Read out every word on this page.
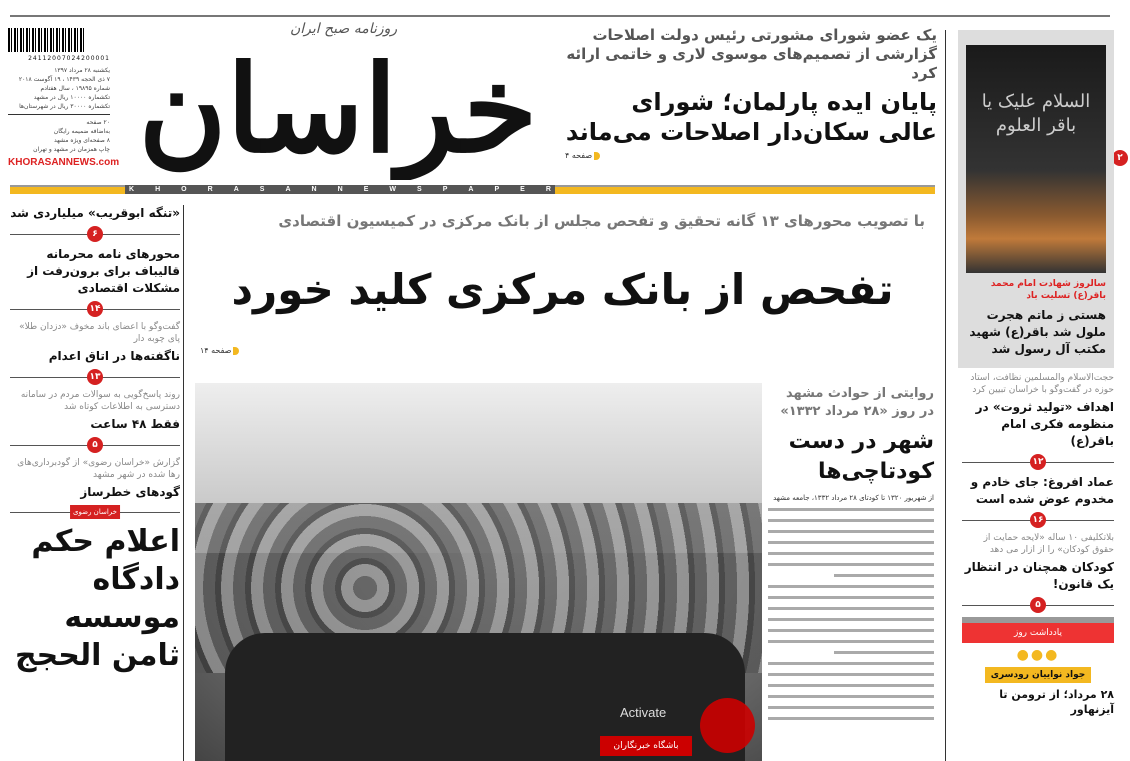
24112007024200001
یکشنبه ۲۸ مرداد ۱۳۹۷
۷ ذی الحجه ۱۴۳۹ ، ۱۹ آگوست ۲۰۱۸
شماره ۱۹۸۹۵ ، سال هفتادم
تکشماره ۱۰۰۰۰ ریال در مشهد
تکشماره ۳۰۰۰۰ ریال در شهرستان‌ها
۲۰ صفحه
به‌اضافه ضمیمه رایگان
۸ صفحه‌ای ویژه مشهد
چاپ همزمان در مشهد و تهران
KHORASANNEWS.com
روزنامه صبح ایران
خراسان
K	H	O	R	A	S	A	N	N	E	W	S	P	A	P	E	R
یک عضو شورای مشورتی رئیس دولت اصلاحات گزارشی از تصمیم‌های موسوی لاری و خاتمی ارائه کرد
پایان ایده پارلمان؛ شورای عالی سکان‌دار اصلاحات می‌ماند
صفحه ۴
با تصویب محورهای ۱۳ گانه تحقیق و تفحص مجلس از بانک مرکزی در کمیسیون اقتصادی
تفحص از بانک مرکزی کلید خورد
صفحه ۱۴
روایتی از حوادث مشهد در روز «۲۸ مرداد ۱۳۳۲»
شهر در دست کودتاچی‌ها
از شهریور ۱۳۲۰ تا کودتای ۲۸ مرداد ۱۳۳۲، جامعه مشهد
«تنگه ابوقریب» میلیاردی شد
۶
محورهای نامه محرمانه قالیباف برای برون‌رفت از مشکلات اقتصادی
۱۴
گفت‌وگو با اعضای باند مخوف «دزدان طلا» پای چوبه دار
ناگفته‌ها در اتاق اعدام
۱۳
روند پاسخ‌گویی به سوالات مردم در سامانه دسترسی به اطلاعات کوتاه شد
فقط ۴۸ ساعت
۵
گزارش «خراسان رضوی» از گودبرداری‌های رها شده در شهر مشهد
گودهای خطرساز
خراسان رضوی
اعلام حکم دادگاه موسسه ثامن الحجج
۲
السلام علیک یا باقر العلوم
سالروز شهادت امام محمد باقر(ع) تسلیت باد
هستی ز ماتم هجرت ملول شد باقر(ع) شهید مکتب آل رسول شد
حجت‌الاسلام والمسلمین نظافت، استاد حوزه در گفت‌وگو با خراسان تبیین کرد
اهداف «تولید ثروت» در منظومه فکری امام باقر(ع)
۱۲
عماد افروغ: جای خادم و مخدوم عوض شده است
۱۶
بلاتکلیفی ۱۰ ساله «لایحه حمایت از حقوق کودکان» را از ازار می دهد
کودکان همچنان در انتظار یک قانون!
۵
یادداشت روز
●●●
جواد نواییان رودسری
۲۸ مرداد؛ از ترومن تا آیزنهاور
باشگاه خبرنگاران
Activate
